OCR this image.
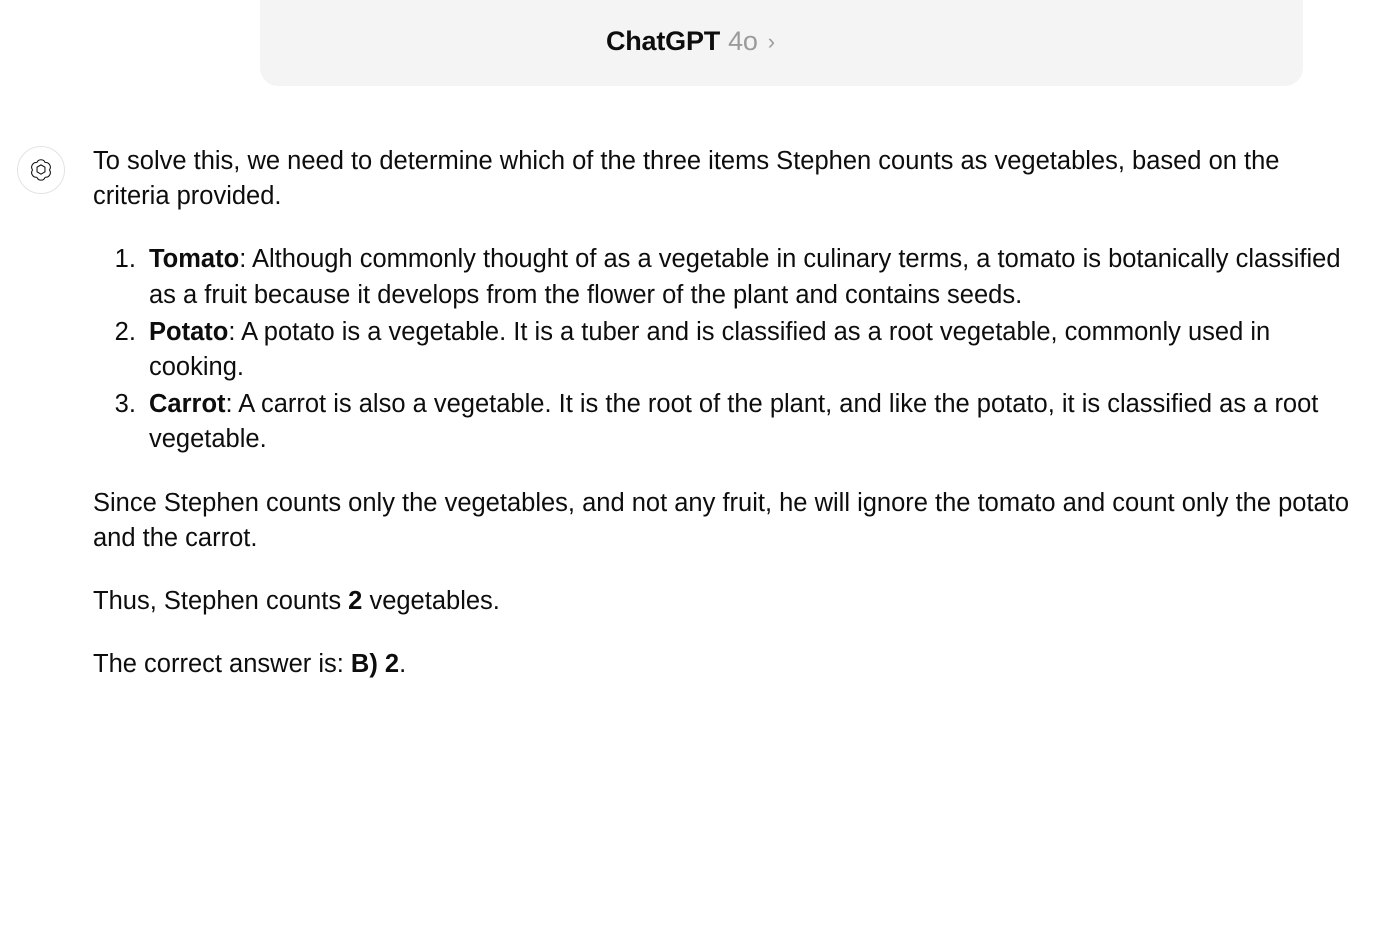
ChatGPT 4o ›

To solve this, we need to determine which of the three items Stephen counts as vegetables, based on the criteria provided.

1. Tomato: Although commonly thought of as a vegetable in culinary terms, a tomato is botanically classified as a fruit because it develops from the flower of the plant and contains seeds.
2. Potato: A potato is a vegetable. It is a tuber and is classified as a root vegetable, commonly used in cooking.
3. Carrot: A carrot is also a vegetable. It is the root of the plant, and like the potato, it is classified as a root vegetable.

Since Stephen counts only the vegetables, and not any fruit, he will ignore the tomato and count only the potato and the carrot.

Thus, Stephen counts 2 vegetables.

The correct answer is: B) 2.
